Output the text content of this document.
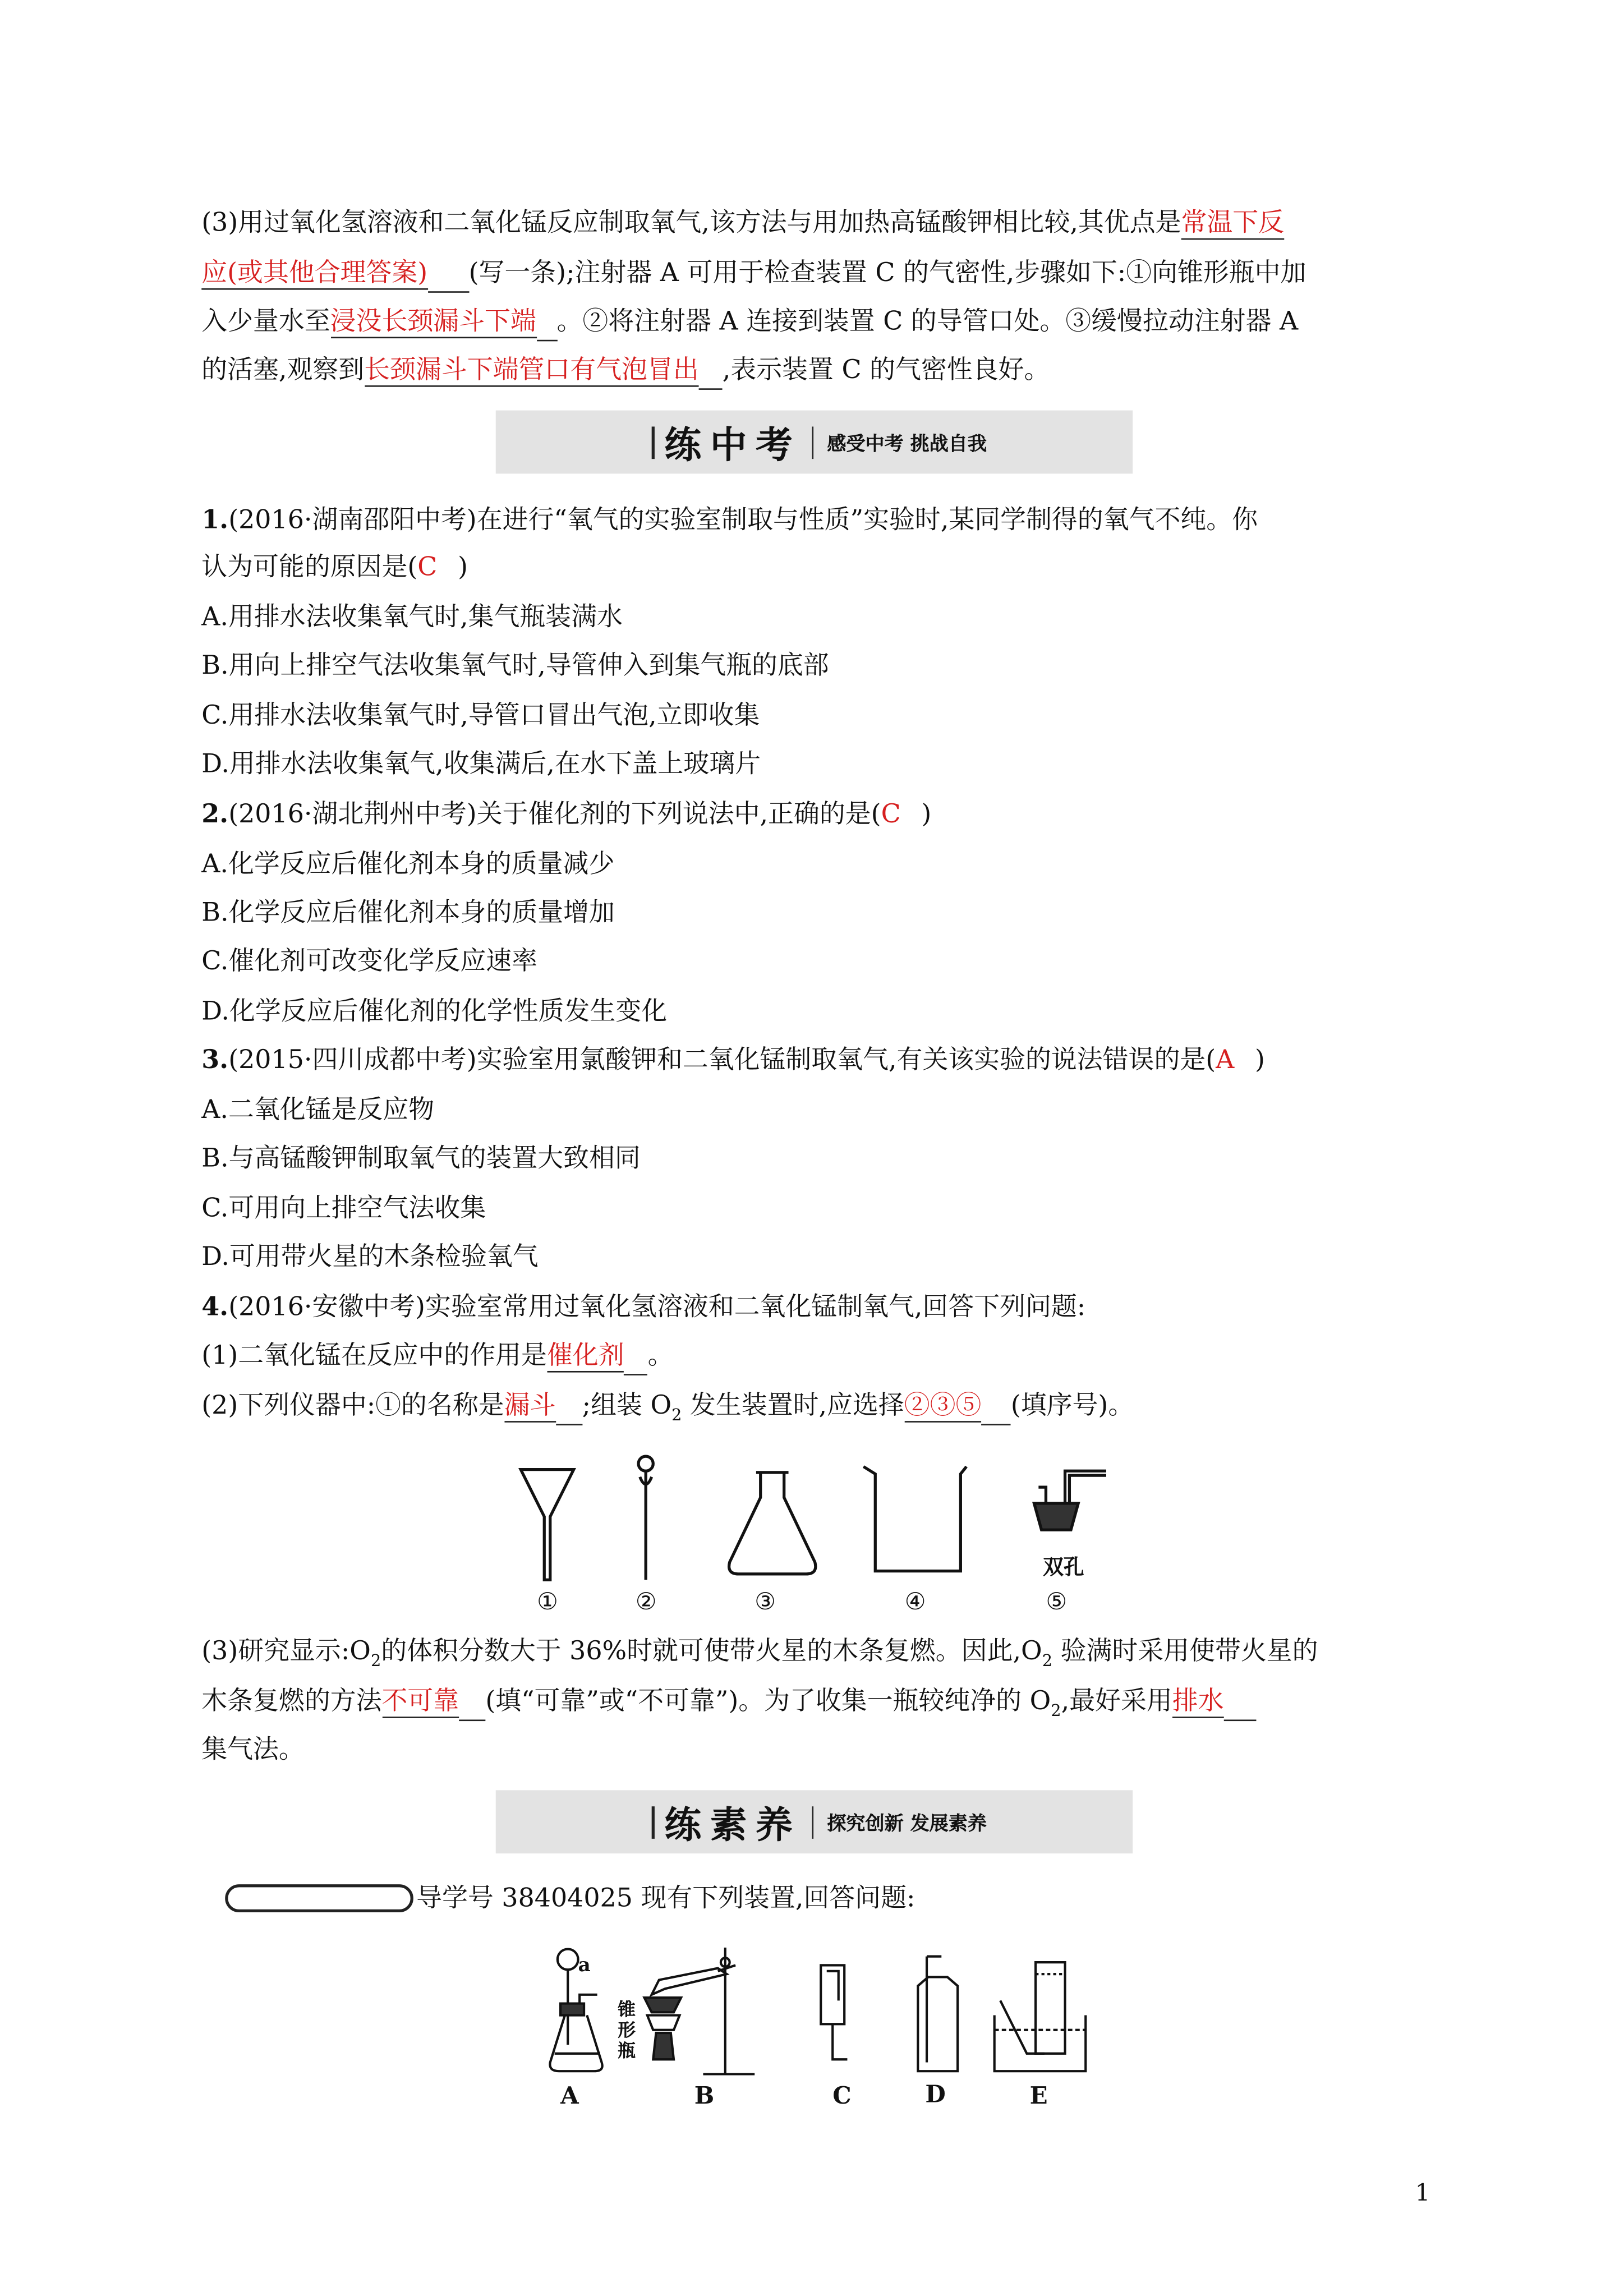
(3)用过氧化氢溶液和二氧化锰反应制取氧气,该方法与用加热高锰酸钾相比较,其优点是常温下反
应(或其他合理答案)	(写一条);注射器 A 可用于检查装置 C 的气密性,步骤如下:①向锥形瓶中加
入少量水至浸没长颈漏斗下端 。②将注射器 A 连接到装置 C 的导管口处。③缓慢拉动注射器 A
的活塞,观察到长颈漏斗下端管口有气泡冒出 ,表示装置 C 的气密性良好。
练中考	感受中考 挑战自我
1.(2016·湖南邵阳中考)在进行“氧气的实验室制取与性质”实验时,某同学制得的氧气不纯。你
认为可能的原因是(C )
A.用排水法收集氧气时,集气瓶装满水
B.用向上排空气法收集氧气时,导管伸入到集气瓶的底部
C.用排水法收集氧气时,导管口冒出气泡,立即收集
D.用排水法收集氧气,收集满后,在水下盖上玻璃片
2.(2016·湖北荆州中考)关于催化剂的下列说法中,正确的是(C )
A.化学反应后催化剂本身的质量减少
B.化学反应后催化剂本身的质量增加
C.催化剂可改变化学反应速率
D.化学反应后催化剂的化学性质发生变化
3.(2015·四川成都中考)实验室用氯酸钾和二氧化锰制取氧气,有关该实验的说法错误的是(A )
A.二氧化锰是反应物
B.与高锰酸钾制取氧气的装置大致相同
C.可用向上排空气法收集
D.可用带火星的木条检验氧气
4.(2016·安徽中考)实验室常用过氧化氢溶液和二氧化锰制氧气,回答下列问题:
(1)二氧化锰在反应中的作用是催化剂 。
(2)下列仪器中:①的名称是漏斗	;组装 $O_2$ 发生装置时,应选择②③⑤	(填序号)。
双孔
①	②	③	④	⑤
(3)研究显示$:O_2$的体积分数大于 36%时就可使带火星的木条复燃。因此$,O_2$ 验满时采用使带火星的
木条复燃的方法不可靠	(填“可靠”或“不可靠”)。为了收集一瓶较纯净的 $O_2$,最好采用排水
集气法。
练素养	探究创新 发展素养
导学号 38404025 现有下列装置,回答问题:
a
锥形瓶
A	B	C	D	E
1
